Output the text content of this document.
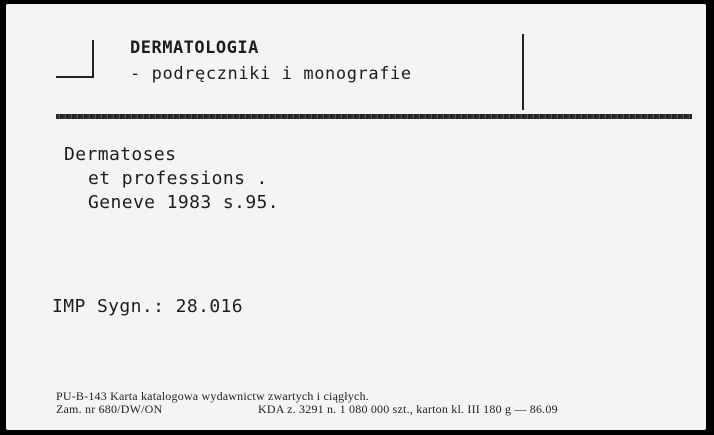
DERMATOLOGIA
- podręczniki i monografie
Dermatoses
et professions .
Geneve 1983 s.95.
IMP Sygn.: 28.016
PU-B-143 Karta katalogowa wydawnictw zwartych i ciągłych.
Zam. nr 680/DW/ON	KDA z. 3291 n. 1 080 000 szt., karton kl. III 180 g — 86.09
